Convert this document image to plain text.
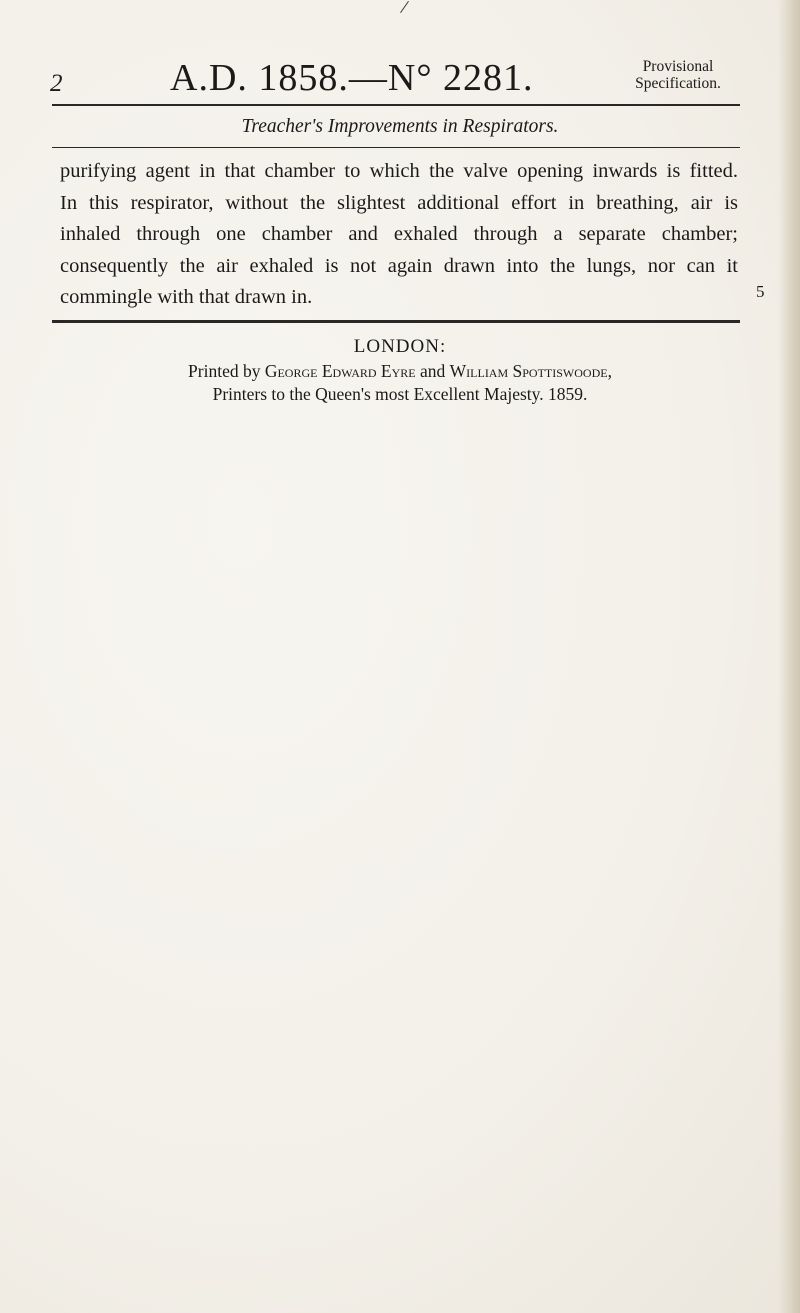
2	A.D. 1858.—N° 2281.	Provisional
Specification.
Treacher's Improvements in Respirators.
purifying agent in that chamber to which the valve opening inwards is fitted.
In this respirator, without the slightest additional effort in breathing, air is
inhaled through one chamber and exhaled through a separate chamber;
consequently the air exhaled is not again drawn into the lungs, nor can it
commingle with that drawn in.	5
LONDON:
Printed by George Edward Eyre and William Spottiswoode,
Printers to the Queen's most Excellent Majesty. 1859.
